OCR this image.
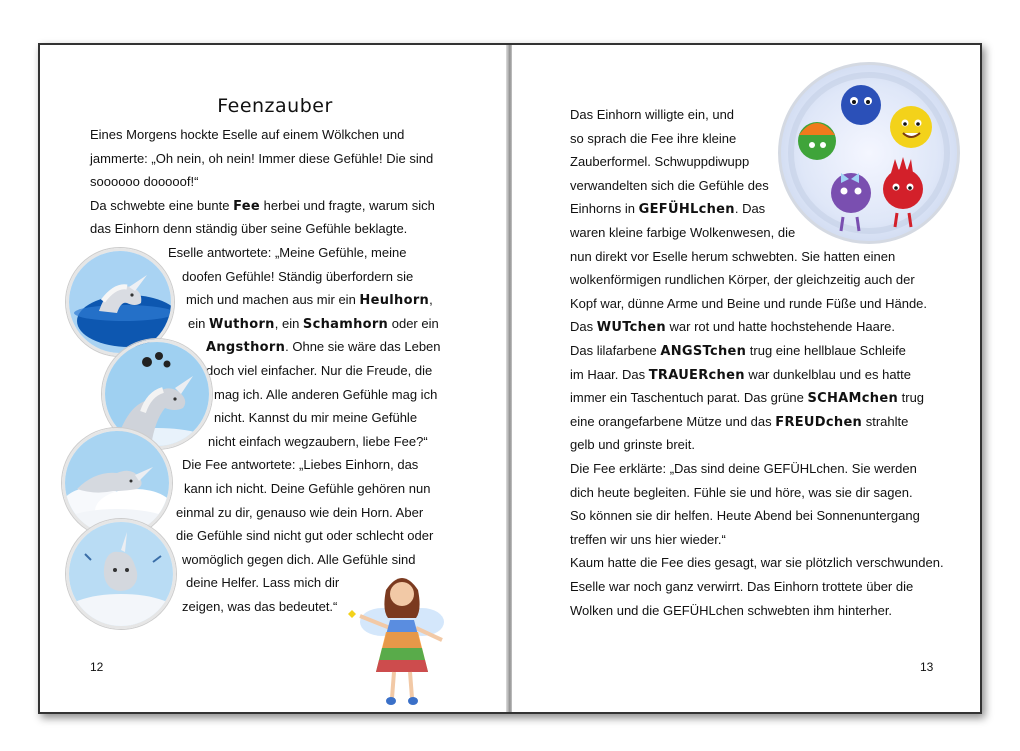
Feenzauber
Eines Morgens hockte Eselle auf einem Wölkchen und
jammerte: „Oh nein, oh nein! Immer diese Gefühle! Die sind
soooooo dooooof!“
Da schwebte eine bunte Fee herbei und fragte, warum sich
das Einhorn denn ständig über seine Gefühle beklagte.
Eselle antwortete: „Meine Gefühle, meine
doofen Gefühle! Ständig überfordern sie
mich und machen aus mir ein Heulhorn,
ein Wuthorn, ein Schamhorn oder ein
Angsthorn. Ohne sie wäre das Leben
doch viel einfacher. Nur die Freude, die
mag ich. Alle anderen Gefühle mag ich
nicht. Kannst du mir meine Gefühle
nicht einfach wegzaubern, liebe Fee?“
Die Fee antwortete: „Liebes Einhorn, das
kann ich nicht. Deine Gefühle gehören nun
einmal zu dir, genauso wie dein Horn. Aber
die Gefühle sind nicht gut oder schlecht oder
womöglich gegen dich. Alle Gefühle sind
deine Helfer. Lass mich dir
zeigen, was das bedeutet.“
12
Das Einhorn willigte ein, und
so sprach die Fee ihre kleine
Zauberformel. Schwuppdiwupp
verwandelten sich die Gefühle des
Einhorns in GEFÜHLchen. Das
waren kleine farbige Wolkenwesen, die
nun direkt vor Eselle herum schwebten. Sie hatten einen
wolkenförmigen rundlichen Körper, der gleichzeitig auch der
Kopf war, dünne Arme und Beine und runde Füße und Hände.
Das WUTchen war rot und hatte hochstehende Haare.
Das lilafarbene ANGSTchen trug eine hellblaue Schleife
im Haar. Das TRAUERchen war dunkelblau und es hatte
immer ein Taschentuch parat. Das grüne SCHAMchen trug
eine orangefarbene Mütze und das FREUDchen strahlte
gelb und grinste breit.
Die Fee erklärte: „Das sind deine GEFÜHLchen. Sie werden
dich heute begleiten. Fühle sie und höre, was sie dir sagen.
So können sie dir helfen. Heute Abend bei Sonnenuntergang
treffen wir uns hier wieder.“
Kaum hatte die Fee dies gesagt, war sie plötzlich verschwunden.
Eselle war noch ganz verwirrt. Das Einhorn trottete über die
Wolken und die GEFÜHLchen schwebten ihm hinterher.
13
